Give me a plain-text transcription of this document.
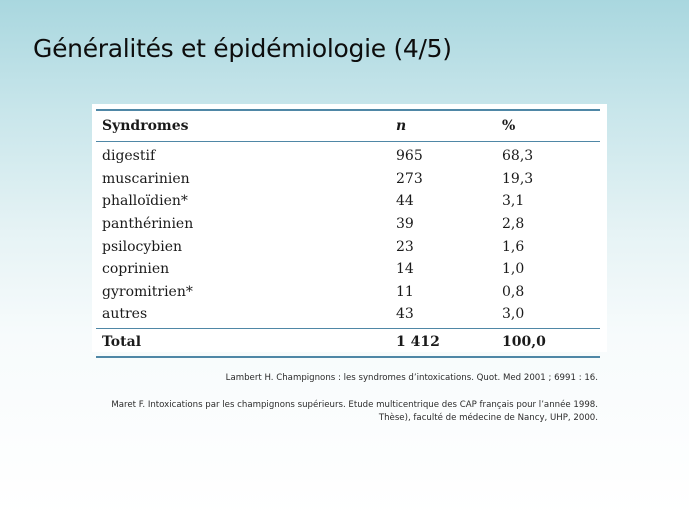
Généralités et épidémiologie (4/5)
Syndromes	n	%
digestif	965	68,3
muscarinien	273	19,3
phalloïdien*	44	3,1
panthérinien	39	2,8
psilocybien	23	1,6
coprinien	14	1,0
gyromitrien*	11	0,8
autres	43	3,0
Total	1 412	100,0

Lambert H. Champignons : les syndromes d’intoxications. Quot. Med 2001 ; 6991 : 16.

Maret F. Intoxications par les champignons supérieurs. Etude multicentrique des CAP français pour l’année 1998.

Thèse), faculté de médecine de Nancy, UHP, 2000.
